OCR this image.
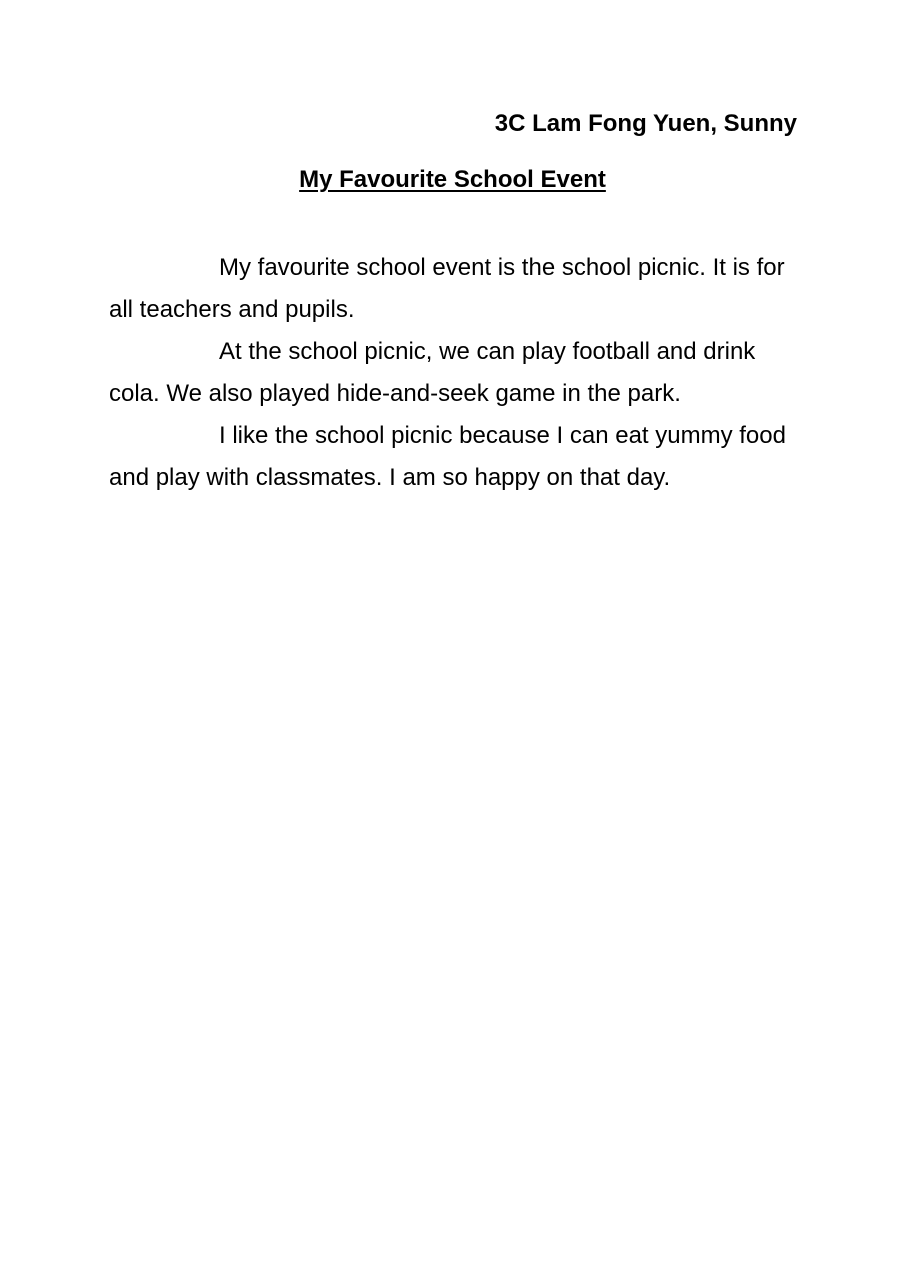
3C Lam Fong Yuen, Sunny
My Favourite School Event

My favourite school event is the school picnic. It is for all teachers and pupils.

At the school picnic, we can play football and drink cola. We also played hide-and-seek game in the park.

I like the school picnic because I can eat yummy food and play with classmates. I am so happy on that day.
